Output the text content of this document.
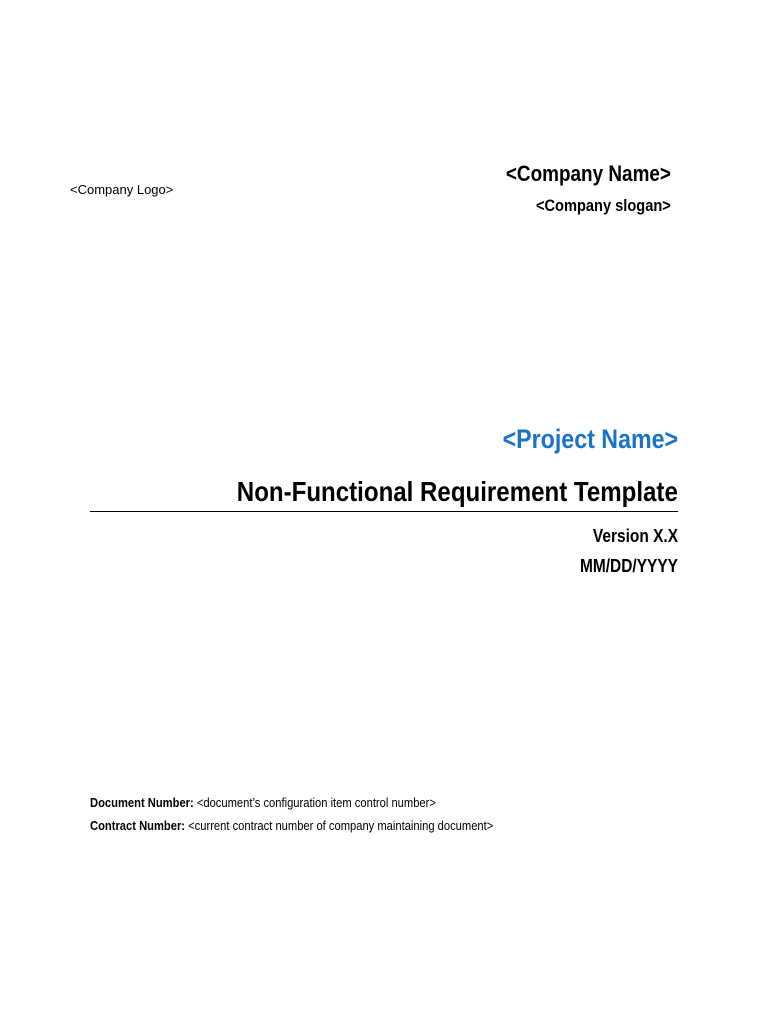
<Company Logo>
<Company Name>
<Company slogan>
<Project Name>
Non-Functional Requirement Template
Version X.X
MM/DD/YYYY
Document Number: <document’s configuration item control number>
Contract Number: <current contract number of company maintaining document>
